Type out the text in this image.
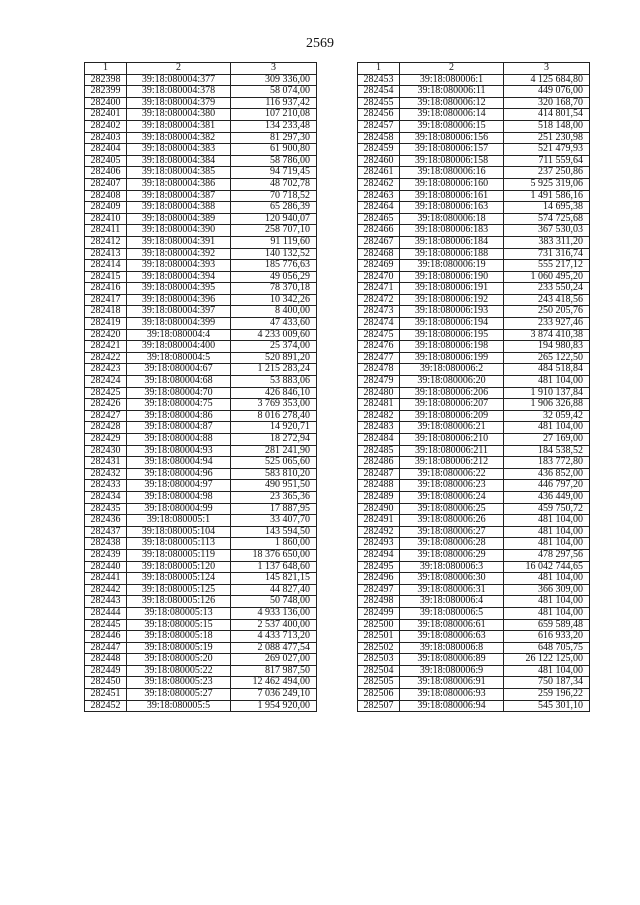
2569
1	2	3
282398	39:18:080004:377	309 336,00
282399	39:18:080004:378	58 074,00
282400	39:18:080004:379	116 937,42
282401	39:18:080004:380	107 210,08
282402	39:18:080004:381	134 233,48
282403	39:18:080004:382	81 297,30
282404	39:18:080004:383	61 900,80
282405	39:18:080004:384	58 786,00
282406	39:18:080004:385	94 719,45
282407	39:18:080004:386	48 702,78
282408	39:18:080004:387	70 718,52
282409	39:18:080004:388	65 286,39
282410	39:18:080004:389	120 940,07
282411	39:18:080004:390	258 707,10
282412	39:18:080004:391	91 119,60
282413	39:18:080004:392	140 132,52
282414	39:18:080004:393	185 776,63
282415	39:18:080004:394	49 056,29
282416	39:18:080004:395	78 370,18
282417	39:18:080004:396	10 342,26
282418	39:18:080004:397	8 400,00
282419	39:18:080004:399	47 433,60
282420	39:18:080004:4	4 233 009,60
282421	39:18:080004:400	25 374,00
282422	39:18:080004:5	520 891,20
282423	39:18:080004:67	1 215 283,24
282424	39:18:080004:68	53 883,06
282425	39:18:080004:70	426 846,10
282426	39:18:080004:75	3 769 353,00
282427	39:18:080004:86	8 016 278,40
282428	39:18:080004:87	14 920,71
282429	39:18:080004:88	18 272,94
282430	39:18:080004:93	281 241,90
282431	39:18:080004:94	525 065,60
282432	39:18:080004:96	583 810,20
282433	39:18:080004:97	490 951,50
282434	39:18:080004:98	23 365,36
282435	39:18:080004:99	17 887,95
282436	39:18:080005:1	33 407,70
282437	39:18:080005:104	143 594,50
282438	39:18:080005:113	1 860,00
282439	39:18:080005:119	18 376 650,00
282440	39:18:080005:120	1 137 648,60
282441	39:18:080005:124	145 821,15
282442	39:18:080005:125	44 827,40
282443	39:18:080005:126	50 748,00
282444	39:18:080005:13	4 933 136,00
282445	39:18:080005:15	2 537 400,00
282446	39:18:080005:18	4 433 713,20
282447	39:18:080005:19	2 088 477,54
282448	39:18:080005:20	269 027,00
282449	39:18:080005:22	817 987,50
282450	39:18:080005:23	12 462 494,00
282451	39:18:080005:27	7 036 249,10
282452	39:18:080005:5	1 954 920,00
1	2	3
282453	39:18:080006:1	4 125 684,80
282454	39:18:080006:11	449 076,00
282455	39:18:080006:12	320 168,70
282456	39:18:080006:14	414 801,54
282457	39:18:080006:15	518 148,00
282458	39:18:080006:156	251 230,98
282459	39:18:080006:157	521 479,93
282460	39:18:080006:158	711 559,64
282461	39:18:080006:16	237 250,86
282462	39:18:080006:160	5 925 319,06
282463	39:18:080006:161	1 491 586,16
282464	39:18:080006:163	14 695,38
282465	39:18:080006:18	574 725,68
282466	39:18:080006:183	367 530,03
282467	39:18:080006:184	383 311,20
282468	39:18:080006:188	731 316,74
282469	39:18:080006:19	555 217,12
282470	39:18:080006:190	1 060 495,20
282471	39:18:080006:191	233 550,24
282472	39:18:080006:192	243 418,56
282473	39:18:080006:193	250 205,76
282474	39:18:080006:194	233 927,46
282475	39:18:080006:195	3 874 410,38
282476	39:18:080006:198	194 980,83
282477	39:18:080006:199	265 122,50
282478	39:18:080006:2	484 518,84
282479	39:18:080006:20	481 104,00
282480	39:18:080006:206	1 910 137,84
282481	39:18:080006:207	1 906 326,88
282482	39:18:080006:209	32 059,42
282483	39:18:080006:21	481 104,00
282484	39:18:080006:210	27 169,00
282485	39:18:080006:211	184 538,52
282486	39:18:080006:212	183 772,80
282487	39:18:080006:22	436 852,00
282488	39:18:080006:23	446 797,20
282489	39:18:080006:24	436 449,00
282490	39:18:080006:25	459 750,72
282491	39:18:080006:26	481 104,00
282492	39:18:080006:27	481 104,00
282493	39:18:080006:28	481 104,00
282494	39:18:080006:29	478 297,56
282495	39:18:080006:3	16 042 744,65
282496	39:18:080006:30	481 104,00
282497	39:18:080006:31	366 309,00
282498	39:18:080006:4	481 104,00
282499	39:18:080006:5	481 104,00
282500	39:18:080006:61	659 589,48
282501	39:18:080006:63	616 933,20
282502	39:18:080006:8	648 705,75
282503	39:18:080006:89	26 122 125,00
282504	39:18:080006:9	481 104,00
282505	39:18:080006:91	750 187,34
282506	39:18:080006:93	259 196,22
282507	39:18:080006:94	545 301,10
